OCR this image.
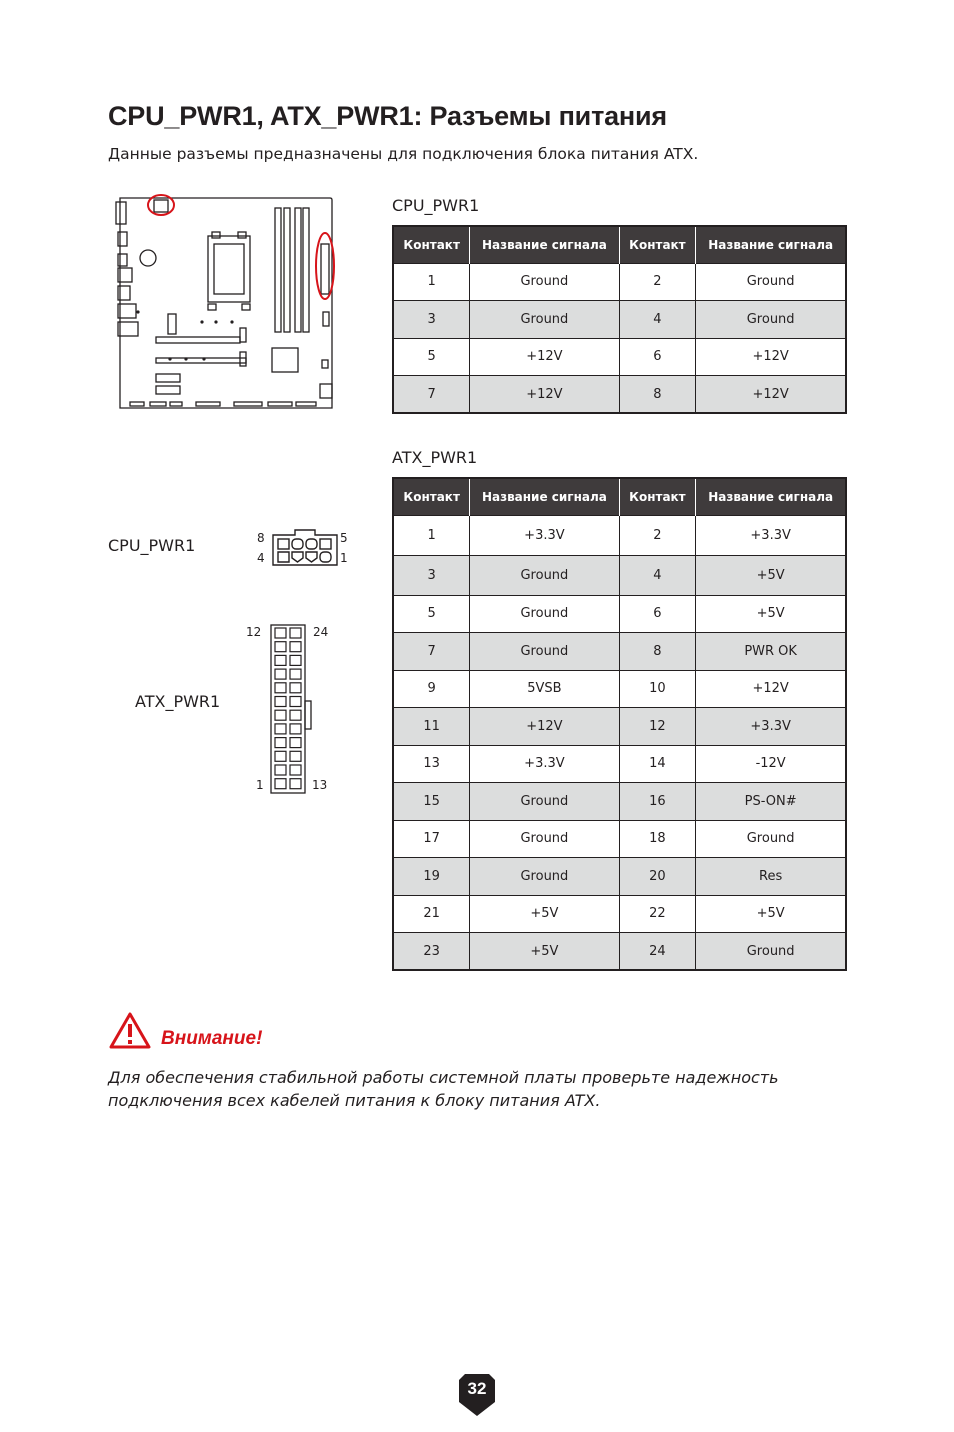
CPU_PWR1, ATX_PWR1: Разъемы питания
Данные разъемы предназначены для подключения блока питания ATX.
CPU_PWR1
Контакт	Название сигнала	Контакт	Название сигнала
1	Ground	2	Ground
3	Ground	4	Ground
5	+12V	6	+12V
7	+12V	8	+12V
ATX_PWR1
Контакт	Название сигнала	Контакт	Название сигнала
1	+3.3V	2	+3.3V
3	Ground	4	+5V
5	Ground	6	+5V
7	Ground	8	PWR OK
9	5VSB	10	+12V
11	+12V	12	+3.3V
13	+3.3V	14	-12V
15	Ground	16	PS-ON#
17	Ground	18	Ground
19	Ground	20	Res
21	+5V	22	+5V
23	+5V	24	Ground
CPU_PWR1	8
4
5
1
ATX_PWR1
12	24
1	13
Внимание!
Для обеспечения стабильной работы системной платы проверьте надежность подключения всех кабелей питания к блоку питания ATX.
32
